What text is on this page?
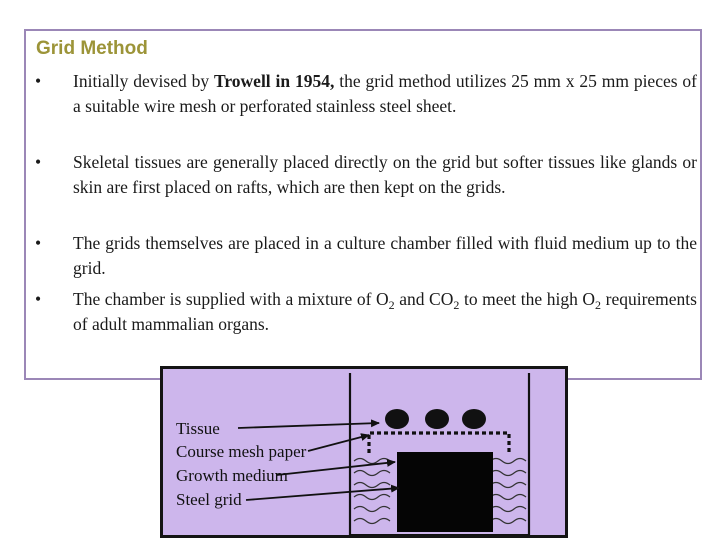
Grid Method
• Initially devised by Trowell in 1954, the grid method utilizes 25 mm x 25 mm pieces of a suitable wire mesh or perforated stainless steel sheet.
• Skeletal tissues are generally placed directly on the grid but softer tissues like glands or skin are first placed on rafts, which are then kept on the grids.
• The grids themselves are placed in a culture chamber filled with fluid medium up to the grid.
• The chamber is supplied with a mixture of $O_2$ and $CO_2$ to meet the high $O_2$ requirements of adult mammalian organs.
Tissue
Course mesh paper
Growth medium
Steel grid
